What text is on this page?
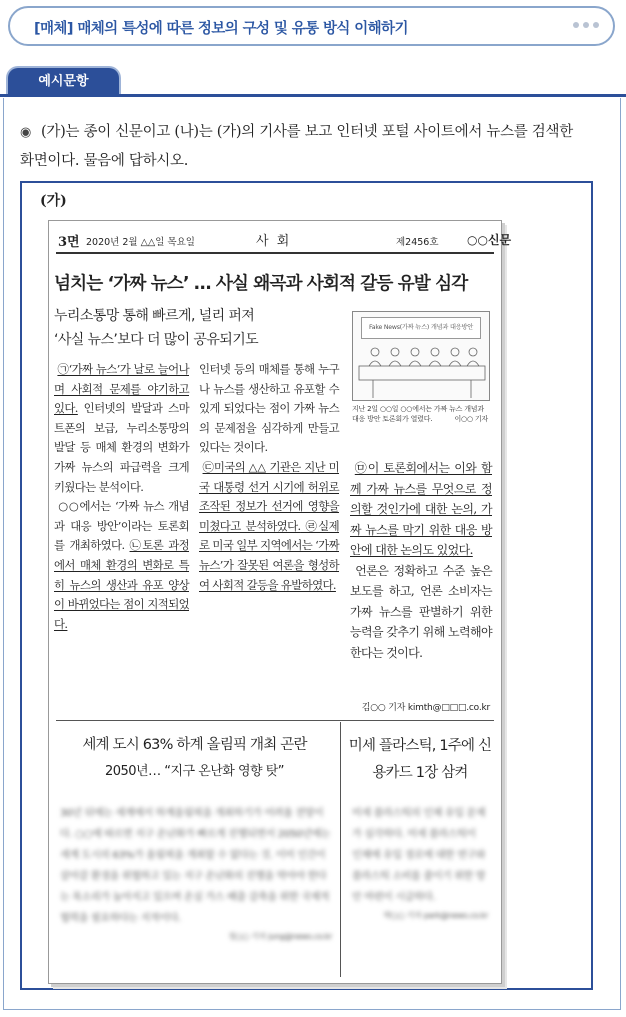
[매체] 매체의 특성에 따른 정보의 구성 및 유통 방식 이해하기
예시문항
◉ (가)는 종이 신문이고 (나)는 (가)의 기사를 보고 인터넷 포털 사이트에서 뉴스를 검색한
화면이다. 물음에 답하시오.
(가)
3면 2020년 2월 △△일 목요일	사 회	제2456호 ○○신문
넘치는 ‘가짜 뉴스’ … 사실 왜곡과 사회적 갈등 유발 심각
누리소통망 통해 빠르게, 널리 퍼져
‘사실 뉴스’보다 더 많이 공유되기도

㉠‘가짜 뉴스’가 날로 늘어나며 사회적 문제를 야기하고 있다. 인터넷의 발달과 스마트폰의 보급, 누리소통망의 발달 등 매체 환경의 변화가 가짜 뉴스의 파급력을 크게 키웠다는 분석이다.

○○에서는 ‘가짜 뉴스 개념과 대응 방안’이라는 토론회를 개최하였다. ㉡토론 과정에서 매체 환경의 변화로 특히 뉴스의 생산과 유포 양상이 바뀌었다는 점이 지적되었다.

인터넷 등의 매체를 통해 누구나 뉴스를 생산하고 유포할 수 있게 되었다는 점이 가짜 뉴스의 문제점을 심각하게 만들고 있다는 것이다.

㉢미국의 △△ 기관은 지난 미국 대통령 선거 시기에 허위로 조작된 정보가 선거에 영향을 미쳤다고 분석하였다. ㉣실제로 미국 일부 지역에서는 ‘가짜 뉴스’가 잘못된 여론을 형성하여 사회적 갈등을 유발하였다.

Fake News(가짜 뉴스) 개념과 대응방안
지난 2일 ○○일 ○○에서는 가짜 뉴스 개념과 대응 방안 토론회가 열렸다.	이○○ 기자

㉤이 토론회에서는 이와 함께 가짜 뉴스를 무엇으로 정의할 것인가에 대한 논의, 가짜 뉴스를 막기 위한 대응 방안에 대한 논의도 있었다.

언론은 정확하고 수준 높은 보도를 하고, 언론 소비자는 가짜 뉴스를 판별하기 위한 능력을 갖추기 위해 노력해야 한다는 것이다.

김○○ 기자 kimth@□□□.co.kr
세계 도시 63% 하계 올림픽 개최 곤란
2050년… “지구 온난화 영향 탓”
30년 뒤에는 세계에서 하계올림픽을 개최하기가 어려울 전망이다. ○○에 따르면 지구 온난화가 빠르게 진행되면서 2050년에는 세계 도시의 63%가 올림픽을 개최할 수 없다는 것. 이미 인간이 살아갈 환경을 위협하고 있는 지구 온난화의 진행을 막아야 한다는 목소리가 높아지고 있으며 온실 가스 배출 감축을 위한 국제적 협력을 필요하다는 지적이다.
정○○ 기자 jung@news.co.kr
미세 플라스틱, 1주에 신용카드 1장 삼켜
미세 플라스틱의 인체 유입 문제가 심각하다. 미세 플라스틱이 인체에 유입 경로에 대한 연구와 플라스틱 소비를 줄이기 위한 방안 마련이 시급하다.
박○○ 기자 park@news.co.kr
